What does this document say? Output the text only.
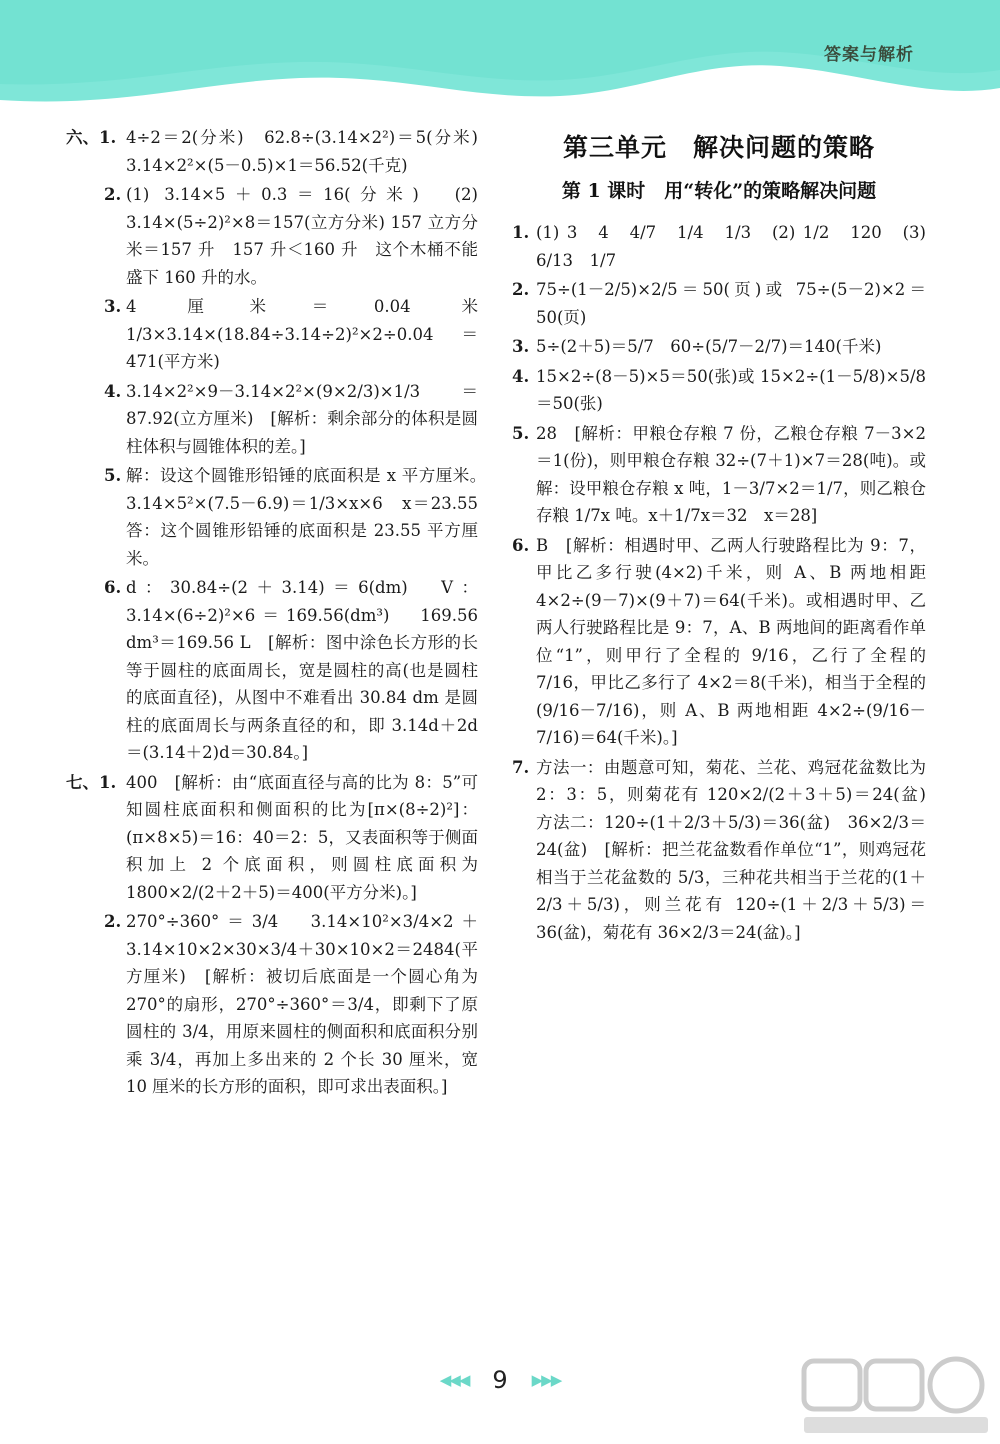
答案与解析
六、1. 4÷2＝2(分米)　62.8÷(3.14×2²)＝5(分米)　3.14×2²×(5－0.5)×1＝56.52(千克)
2. (1) 3.14×5＋0.3＝16(分米)　(2) 3.14×(5÷2)²×8＝157(立方分米) 157 立方分米＝157 升　157 升＜160 升　这个木桶不能盛下 160 升的水。
3. 4 厘米＝0.04 米　1/3×3.14×(18.84÷3.14÷2)²×2÷0.04＝471(平方米)
4. 3.14×2²×9－3.14×2²×(9×2/3)×1/3＝87.92(立方厘米)　[解析：剩余部分的体积是圆柱体积与圆锥体积的差。]
5. 解：设这个圆锥形铅锤的底面积是 x 平方厘米。　3.14×5²×(7.5－6.9)＝1/3×x×6　x＝23.55　答：这个圆锥形铅锤的底面积是 23.55 平方厘米。
6. d：30.84÷(2＋3.14)＝6(dm)　V：3.14×(6÷2)²×6＝169.56(dm³)　169.56 dm³＝169.56 L　[解析：图中涂色长方形的长等于圆柱的底面周长，宽是圆柱的高(也是圆柱的底面直径)，从图中不难看出 30.84 dm 是圆柱的底面周长与两条直径的和，即 3.14d＋2d＝(3.14＋2)d＝30.84。]
七、1. 400　[解析：由“底面直径与高的比为 8：5”可知圆柱底面积和侧面积的比为[π×(8÷2)²]：(π×8×5)＝16：40＝2：5，又表面积等于侧面积加上 2 个底面积，则圆柱底面积为 1800×2/(2＋2＋5)＝400(平方分米)。]
2. 270°÷360°＝3/4　3.14×10²×3/4×2＋3.14×10×2×30×3/4＋30×10×2＝2484(平方厘米)　[解析：被切后底面是一个圆心角为 270°的扇形，270°÷360°＝3/4，即剩下了原圆柱的 3/4，用原来圆柱的侧面积和底面积分别乘 3/4，再加上多出来的 2 个长 30 厘米，宽 10 厘米的长方形的面积，即可求出表面积。]
第三单元　解决问题的策略
第 1 课时　用“转化”的策略解决问题
1. (1) 3　4　4/7　1/4　1/3　(2) 1/2　120　(3) 6/13　1/7
2. 75÷(1－2/5)×2/5＝50(页)或 75÷(5－2)×2＝50(页)
3. 5÷(2＋5)＝5/7　60÷(5/7－2/7)＝140(千米)
4. 15×2÷(8－5)×5＝50(张)或 15×2÷(1－5/8)×5/8＝50(张)
5. 28　[解析：甲粮仓存粮 7 份，乙粮仓存粮 7－3×2＝1(份)，则甲粮仓存粮 32÷(7＋1)×7＝28(吨)。或解：设甲粮仓存粮 x 吨，1－3/7×2＝1/7，则乙粮仓存粮 1/7x 吨。x＋1/7x＝32　x＝28]
6. B　[解析：相遇时甲、乙两人行驶路程比为 9：7，甲比乙多行驶(4×2)千米，则 A、B 两地相距 4×2÷(9－7)×(9＋7)＝64(千米)。或相遇时甲、乙两人行驶路程比是 9：7，A、B 两地间的距离看作单位“1”，则甲行了全程的 9/16，乙行了全程的 7/16，甲比乙多行了 4×2＝8(千米)，相当于全程的(9/16－7/16)，则 A、B 两地相距 4×2÷(9/16－7/16)＝64(千米)。]
7. 方法一：由题意可知，菊花、兰花、鸡冠花盆数比为 2：3：5，则菊花有 120×2/(2＋3＋5)＝24(盆)　方法二：120÷(1＋2/3＋5/3)＝36(盆)　36×2/3＝24(盆)　[解析：把兰花盆数看作单位“1”，则鸡冠花相当于兰花盆数的 5/3，三种花共相当于兰花的(1＋2/3＋5/3)，则兰花有 120÷(1＋2/3＋5/3)＝36(盆)，菊花有 36×2/3＝24(盆)。]
◀◀◀ 9 ▶▶▶
